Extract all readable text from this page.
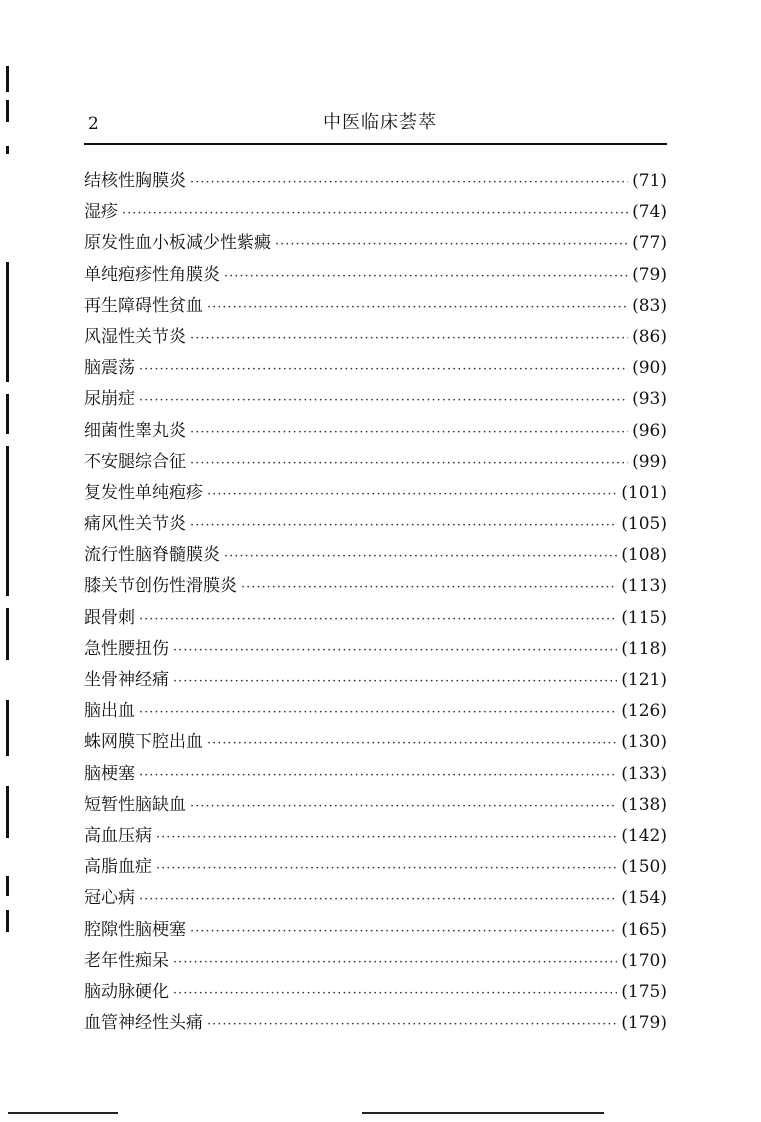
2	中医临床荟萃
结核性胸膜炎 ·····	(71)
湿疹 ·····	(74)
原发性血小板减少性紫癜 ·····	(77)
单纯疱疹性角膜炎 ·····	(79)
再生障碍性贫血 ·····	(83)
风湿性关节炎 ·····	(86)
脑震荡 ·····	(90)
尿崩症 ·····	(93)
细菌性睾丸炎 ·····	(96)
不安腿综合征 ·····	(99)
复发性单纯疱疹 ·····	(101)
痛风性关节炎 ·····	(105)
流行性脑脊髓膜炎 ·····	(108)
膝关节创伤性滑膜炎 ·····	(113)
跟骨刺 ·····	(115)
急性腰扭伤 ·····	(118)
坐骨神经痛 ·····	(121)
脑出血 ·····	(126)
蛛网膜下腔出血 ·····	(130)
脑梗塞 ·····	(133)
短暂性脑缺血 ·····	(138)
高血压病 ·····	(142)
高脂血症 ·····	(150)
冠心病 ·····	(154)
腔隙性脑梗塞 ·····	(165)
老年性痴呆 ·····	(170)
脑动脉硬化 ·····	(175)
血管神经性头痛 ·····	(179)
